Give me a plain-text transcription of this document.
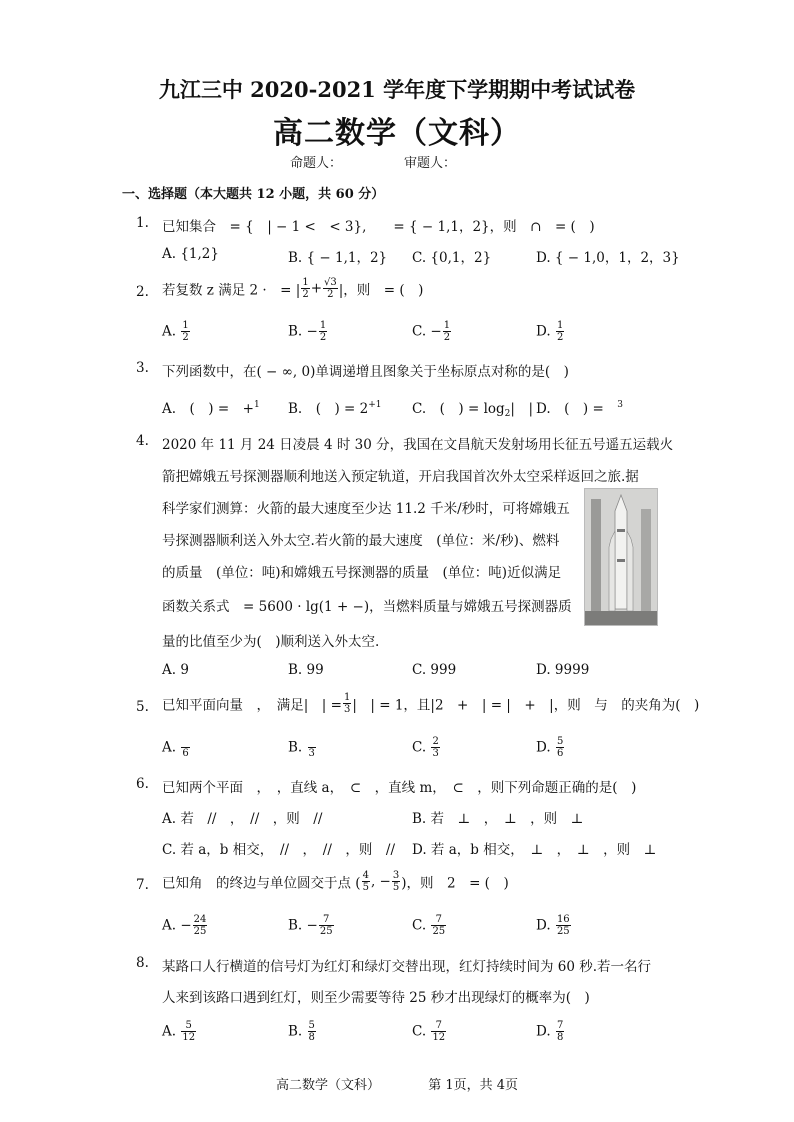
九江三中 2020-2021 学年度下学期期中考试试卷
高二数学（文科）
命题人：	审题人：
一、选择题（本大题共 12 小题，共 60 分）
1. 已知集合　= {　| − 1 <　< 3},　　= { − 1,1，2}，则　∩　= (　)
A. {1,2}	B. { − 1,1，2} C. {0,1，2}	D. { − 1,0，1，2，3}
2. 若复数 z 满足 2 ·　= | $\frac{1}{2} + \frac{√3}{2}$ |，则　= (　)
A. $\frac{1}{2}$	B. − $\frac{1}{2}$	C. − $\frac{1}{2}$	D. $\frac{1}{2}$
3. 下列函数中，在( − ∞, 0)单调递增且图象关于坐标原点对称的是(　)
A.　(　) =　+$^1$ B.　(　) = $2^{+1}$ C.　(　) = $\log_2|$　| D.　(　) =　 $^3$
4. 2020 年 11 月 24 日凌晨 4 时 30 分，我国在文昌航天发射场用长征五号遥五运载火
箭把嫦娥五号探测器顺利地送入预定轨道，开启我国首次外太空采样返回之旅.据
科学家们测算：火箭的最大速度至少达 11.2 千米/秒时，可将嫦娥五
号探测器顺利送入外太空.若火箭的最大速度　(单位：米/秒)、燃料
的质量　(单位：吨)和嫦娥五号探测器的质量　(单位：吨)近似满足
函数关系式　= 5600 · lg(1 + −)，当燃料质量与嫦娥五号探测器质
量的比值至少为(　)顺利送入外太空.
A. 9	B. 99	C. 999	D. 9999
5. 已知平面向量　，　满足|　| = $\frac{1}{3}$ |　| = 1，且|2　+　| = |　+　|，则　与　的夹角为(　)
A.
6	B.
3	C. $\frac{2}{3}$	D. $\frac{5}{6}$
6. 已知两个平面　，　，直线 a，　⊂　，直线 m，　⊂　，则下列命题正确的是(　)
A. 若　//　，　//　，则　//	B. 若　⊥　，　⊥　，则　⊥
C. 若 a，b 相交，　//　，　//　，则　// D. 若 a，b 相交，　⊥　，　⊥　，则　⊥
7. 已知角　的终边与单位圆交于点 ( $\frac{4}{5}$ , − $\frac{3}{5}$ )，则　2　= (　)
A. − $\frac{24}{25}$	B. − $\frac{7}{25}$	C. $\frac{7}{25}$	D. $\frac{16}{25}$
8. 某路口人行横道的信号灯为红灯和绿灯交替出现，红灯持续时间为 60 秒.若一名行
人来到该路口遇到红灯，则至少需要等待 25 秒才出现绿灯的概率为(　)
A. $\frac{5}{12}$	B. $\frac{5}{8}$	C. $\frac{7}{12}$	D. $\frac{7}{8}$
高二数学（文科）	第 1页，共 4页
